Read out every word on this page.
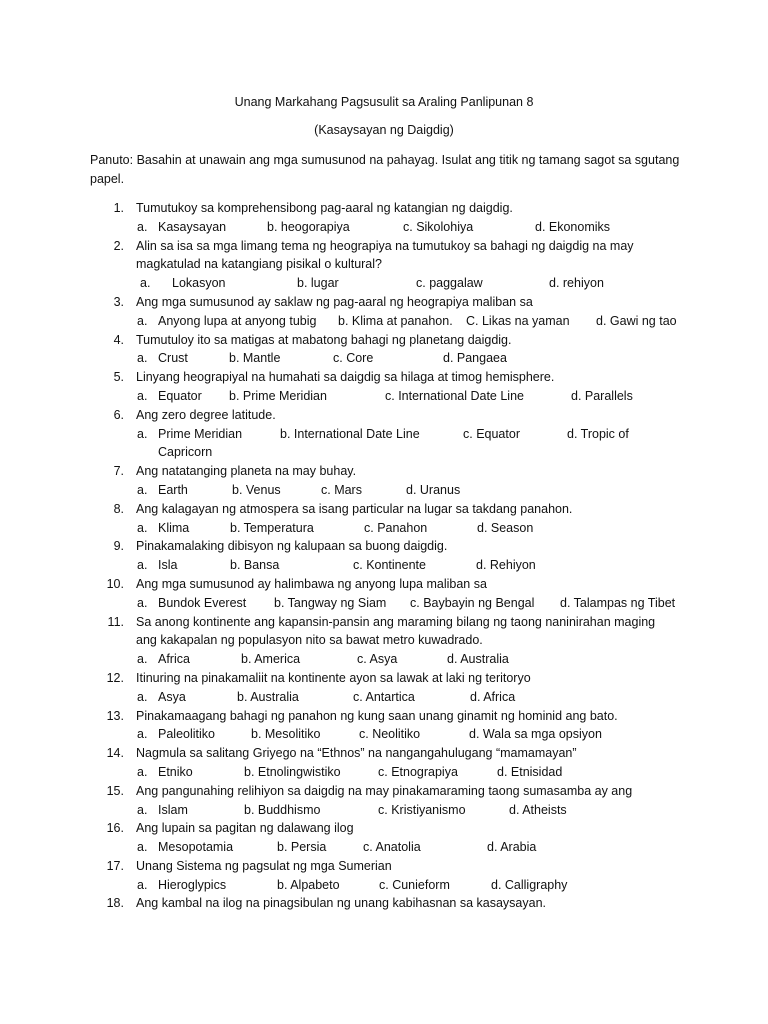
Unang Markahang Pagsusulit sa Araling Panlipunan 8
(Kasaysayan ng Daigdig)
Panuto: Basahin at unawain ang mga sumusunod na pahayag. Isulat ang titik ng tamang sagot sa sgutang papel.
1. Tumutukoy sa komprehensibong pag-aaral ng katangian ng daigdig.
a. Kasaysayan	b. heogorapiya	c. Sikolohiya	d. Ekonomiks
2. Alin sa isa sa mga limang tema ng heograpiya na tumutukoy sa bahagi ng daigdig na may
magkatulad na katangiang pisikal o kultural?
a. Lokasyon	b. lugar	c. paggalaw	d. rehiyon
3. Ang mga sumusunod ay saklaw ng pag-aaral ng heograpiya maliban sa
a. Anyong lupa at anyong tubig b. Klima at panahon. C. Likas na yaman d. Gawi ng tao
4. Tumutuloy ito sa matigas at mabatong bahagi ng planetang daigdig.
a. Crust	b. Mantle	c. Core	d. Pangaea
5. Linyang heograpiyal na humahati sa daigdig sa hilaga at timog hemisphere.
a. Equator b. Prime Meridian	c. International Date Line	d. Parallels
6. Ang zero degree latitude.
a. Prime Meridian	b. International Date Line	c. Equator	d. Tropic of
Capricorn
7. Ang natatanging planeta na may buhay.
a. Earth	b. Venus	c. Mars	d. Uranus
8. Ang kalagayan ng atmospera sa isang particular na lugar sa takdang panahon.
a. Klima	b. Temperatura	c. Panahon	d. Season
9. Pinakamalaking dibisyon ng kalupaan sa buong daigdig.
a. Isla	b. Bansa	c. Kontinente	d. Rehiyon
10. Ang mga sumusunod ay halimbawa ng anyong lupa maliban sa
a. Bundok Everest b. Tangway ng Siam c. Baybayin ng Bengal d. Talampas ng Tibet
11. Sa anong kontinente ang kapansin-pansin ang maraming bilang ng taong naninirahan maging
ang kakapalan ng populasyon nito sa bawat metro kuwadrado.
a. Africa	b. America	c. Asya	d. Australia
12. Itinuring na pinakamaliit na kontinente ayon sa lawak at laki ng teritoryo
a. Asya	b. Australia	c. Antartica	d. Africa
13. Pinakamaagang bahagi ng panahon ng kung saan unang ginamit ng hominid ang bato.
a. Paleolitiko	b. Mesolitiko	c. Neolitiko	d. Wala sa mga opsiyon
14. Nagmula sa salitang Griyego na “Ethnos” na nangangahulugang “mamamayan”
a. Etniko	b. Etnolingwistiko	c. Etnograpiya	d. Etnisidad
15. Ang pangunahing relihiyon sa daigdig na may pinakamaraming taong sumasamba ay ang
a. Islam	b. Buddhismo	c. Kristiyanismo	d. Atheists
16. Ang lupain sa pagitan ng dalawang ilog
a. Mesopotamia	b. Persia	c. Anatolia	d. Arabia
17. Unang Sistema ng pagsulat ng mga Sumerian
a. Hieroglypics	b. Alpabeto	c. Cunieform	d. Calligraphy
18. Ang kambal na ilog na pinagsibulan ng unang kabihasnan sa kasaysayan.
